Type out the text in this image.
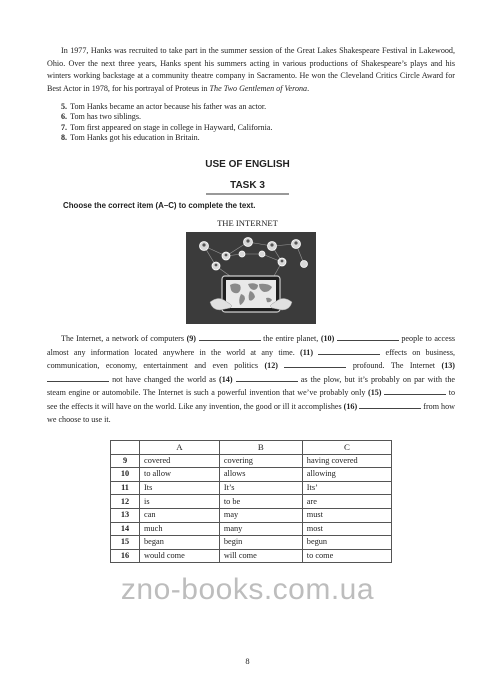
In 1977, Hanks was recruited to take part in the summer session of the Great Lakes Shakespeare Festival in Lakewood, Ohio. Over the next three years, Hanks spent his summers acting in various productions of Shakespeare’s plays and his winters working backstage at a community theatre company in Sacramento. He won the Cleveland Critics Circle Award for Best Actor in 1978, for his portrayal of Proteus in The Two Gentlemen of Verona.

5. Tom Hanks became an actor because his father was an actor.
6. Tom has two siblings.
7. Tom first appeared on stage in college in Hayward, California.
8. Tom Hanks got his education in Britain.
USE OF ENGLISH
TASK 3
Choose the correct item (A–C) to complete the text.
THE INTERNET

The Internet, a network of computers (9)	the entire planet, (10)	people to access almost any information located anywhere in the world at any time. (11)	effects on business, communication, economy, entertainment and even politics (12)	profound. The Internet (13)  not have changed the world as (14)	as the plow, but it’s probably on par with the steam engine or automobile. The Internet is such a powerful invention that we’ve probably only (15)	to see the effects it will have on the world. Like any invention, the good or ill it accomplishes (16)	from how we choose to use it.

	A	B	C
9	covered	covering	having covered
10	to allow	allows	allowing
11	Its	It’s	Its’
12	is	to be	are
13	can	may	must
14	much	many	most
15	began	begin	begun
16	would come	will come	to come
zno-books.com.ua
8
